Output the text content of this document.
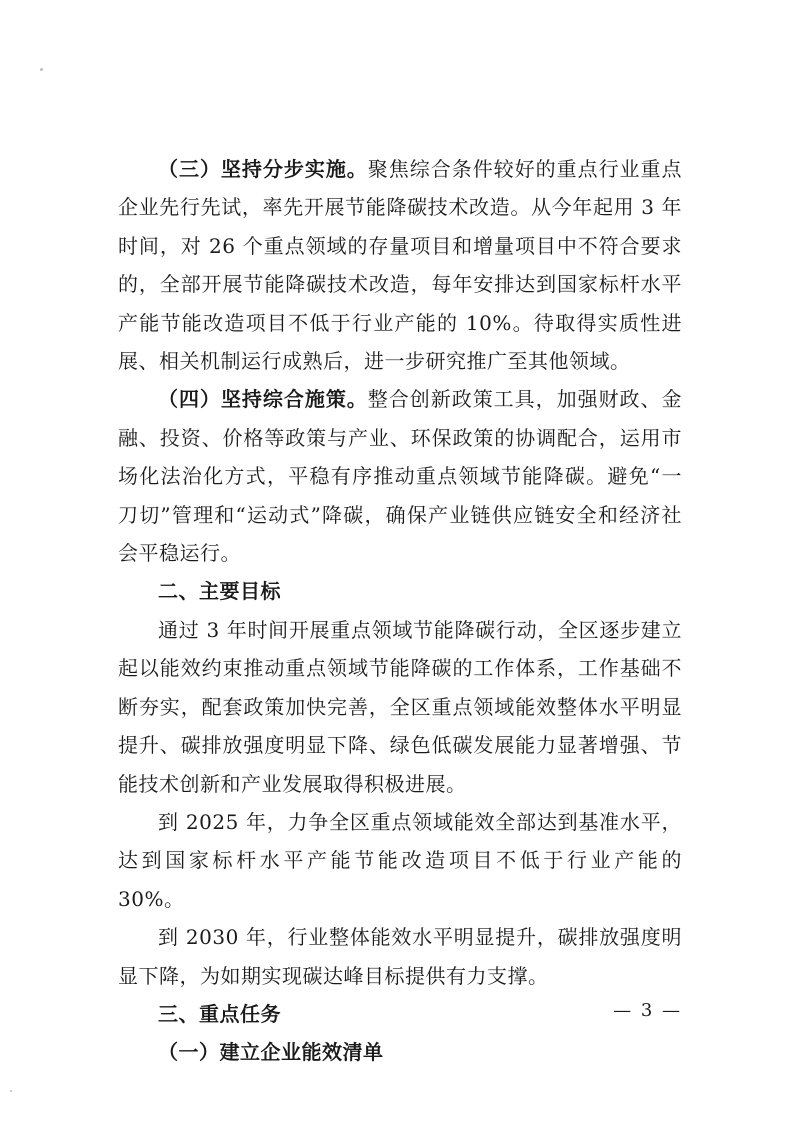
（三）坚持分步实施。聚焦综合条件较好的重点行业重点企业先行先试，率先开展节能降碳技术改造。从今年起用 3 年时间，对 26 个重点领域的存量项目和增量项目中不符合要求的，全部开展节能降碳技术改造，每年安排达到国家标杆水平产能节能改造项目不低于行业产能的 10%。待取得实质性进展、相关机制运行成熟后，进一步研究推广至其他领域。

（四）坚持综合施策。整合创新政策工具，加强财政、金融、投资、价格等政策与产业、环保政策的协调配合，运用市场化法治化方式，平稳有序推动重点领域节能降碳。避免“一刀切”管理和“运动式”降碳，确保产业链供应链安全和经济社会平稳运行。

二、主要目标

通过 3 年时间开展重点领域节能降碳行动，全区逐步建立起以能效约束推动重点领域节能降碳的工作体系，工作基础不断夯实，配套政策加快完善，全区重点领域能效整体水平明显提升、碳排放强度明显下降、绿色低碳发展能力显著增强、节能技术创新和产业发展取得积极进展。

到 2025 年，力争全区重点领域能效全部达到基准水平，达到国家标杆水平产能节能改造项目不低于行业产能的 30%。

到 2030 年，行业整体能效水平明显提升，碳排放强度明显下降，为如期实现碳达峰目标提供有力支撑。

三、重点任务

（一）建立企业能效清单

— 3 —
